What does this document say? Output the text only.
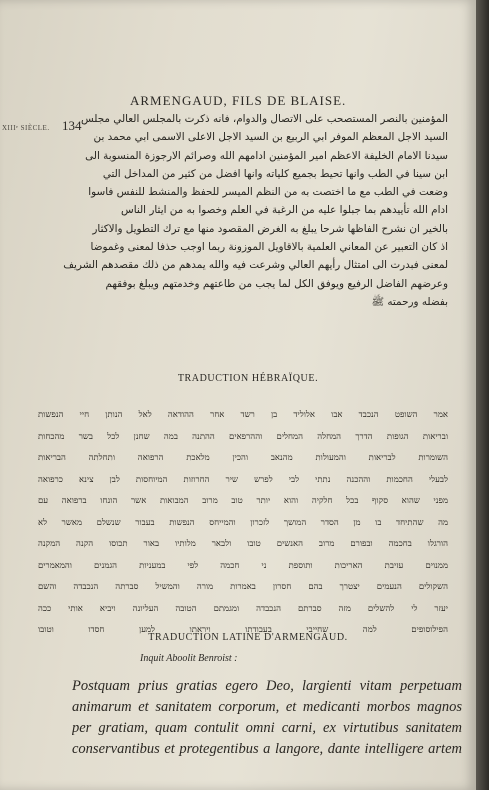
XIIIᵉ SIÈCLE. 134
ARMENGAUD, FILS DE BLAISE.
المؤمنين بالنصر المستصحب على الاتصال والدوام، فانه ذكرت بالمجلس العالي مجلس
السيد الاجل المعظم الموفر ابي الربيع بن السيد الاجل الاعلى الاسمى ابي محمد بن
سيدنا الامام الخليفة الاعظم امير المؤمنين ادامهم الله وصرائم الارجوزة المنسوبة الى
ابن سينا في الطب وانها تحيط بجميع كلياته وانها افضل من كثير من المداخل التي
وضعت في الطب مع ما اختصت به من النظم الميسر للحفظ والمنشط للنفس فاسوا
ادام الله تأييدهم بما جبلوا عليه من الرغبة في العلم وخصوا به من ايثار الناس
بالخير ان نشرح الفاظها شرحا يبلغ به الغرض المقصود منها مع ترك التطويل والاكثار
اذ كان التعبير عن المعاني العلمية بالاقاويل الموزونة ربما اوجب حذفا لمعنى وغموضا
لمعنى فبدرت الى امتثال رأيهم العالي وشرعت فيه والله يمدهم من ذلك مقصدهم الشريف
وعرضهم الفاضل الرفيع ويوفق الكل لما يجب من طاعتهم وخدمتهم ويبلغ بوفقهم
بفضله ورحمته ﷺ
TRADUCTION HÉBRAÏQUE.
אמר השופט הנכבד אבו אלוליד בן רשד אחר ההודאה לאל הנותן חיי הנפשות
ובריאות הגופות הדרך המחלה המחלים וההרפאים ההתנה במה שחנן לכל בשר מהכחות
השומרות לבריאות והמעולות מהנאב והכין מלאכת הרפואה ותחלתה הבריאות
לבעלי החכמות וההכנה נתתי לבי לפרש שיר החרוזות המיוחסות לבן צינא כרפואה
מפני שהוא סקוף בכל חלקיה והוא יותר טוב מרוב המבואות אשר הונחו ברפואה עם
מה שהתיחד בו מן הסדר המושך לזכרון והמייחס הנפשות בעבור שנשלם מאשר לא
הורגלו בחכמה ובפורם מרוב האנשים טובו ולבאר מלותיו באור תכוסו הקנה המקנה
ממנוים עזיבת האריכות ותוספת ני חכמה לפי במעניות הגמנים והמאמרים
השקולים הנעמים יצטרך בהם חסרון באמרות מורה והמשיל סברתה הנכבדה והשם
יעזר לי להשלים מזה סברתם הנכבדה ומגמתם הטובה העליונה ויביא אותי ככה
הפילוסופים למה שחייבי בעבודתו ויראתו למען חסדו וטובו
TRADUCTION LATINE D'ARMENGAUD.
Inquit Aboolit Benroist :
Postquam prius gratias egero Deo, largienti vitam perpetuam
animarum et sanitatem corporum, et medicanti morbos magnos
per gratiam, quam contulit omni carni, ex virtutibus sanitatem
conservantibus et protegentibus a langore, dante intelligere artem
